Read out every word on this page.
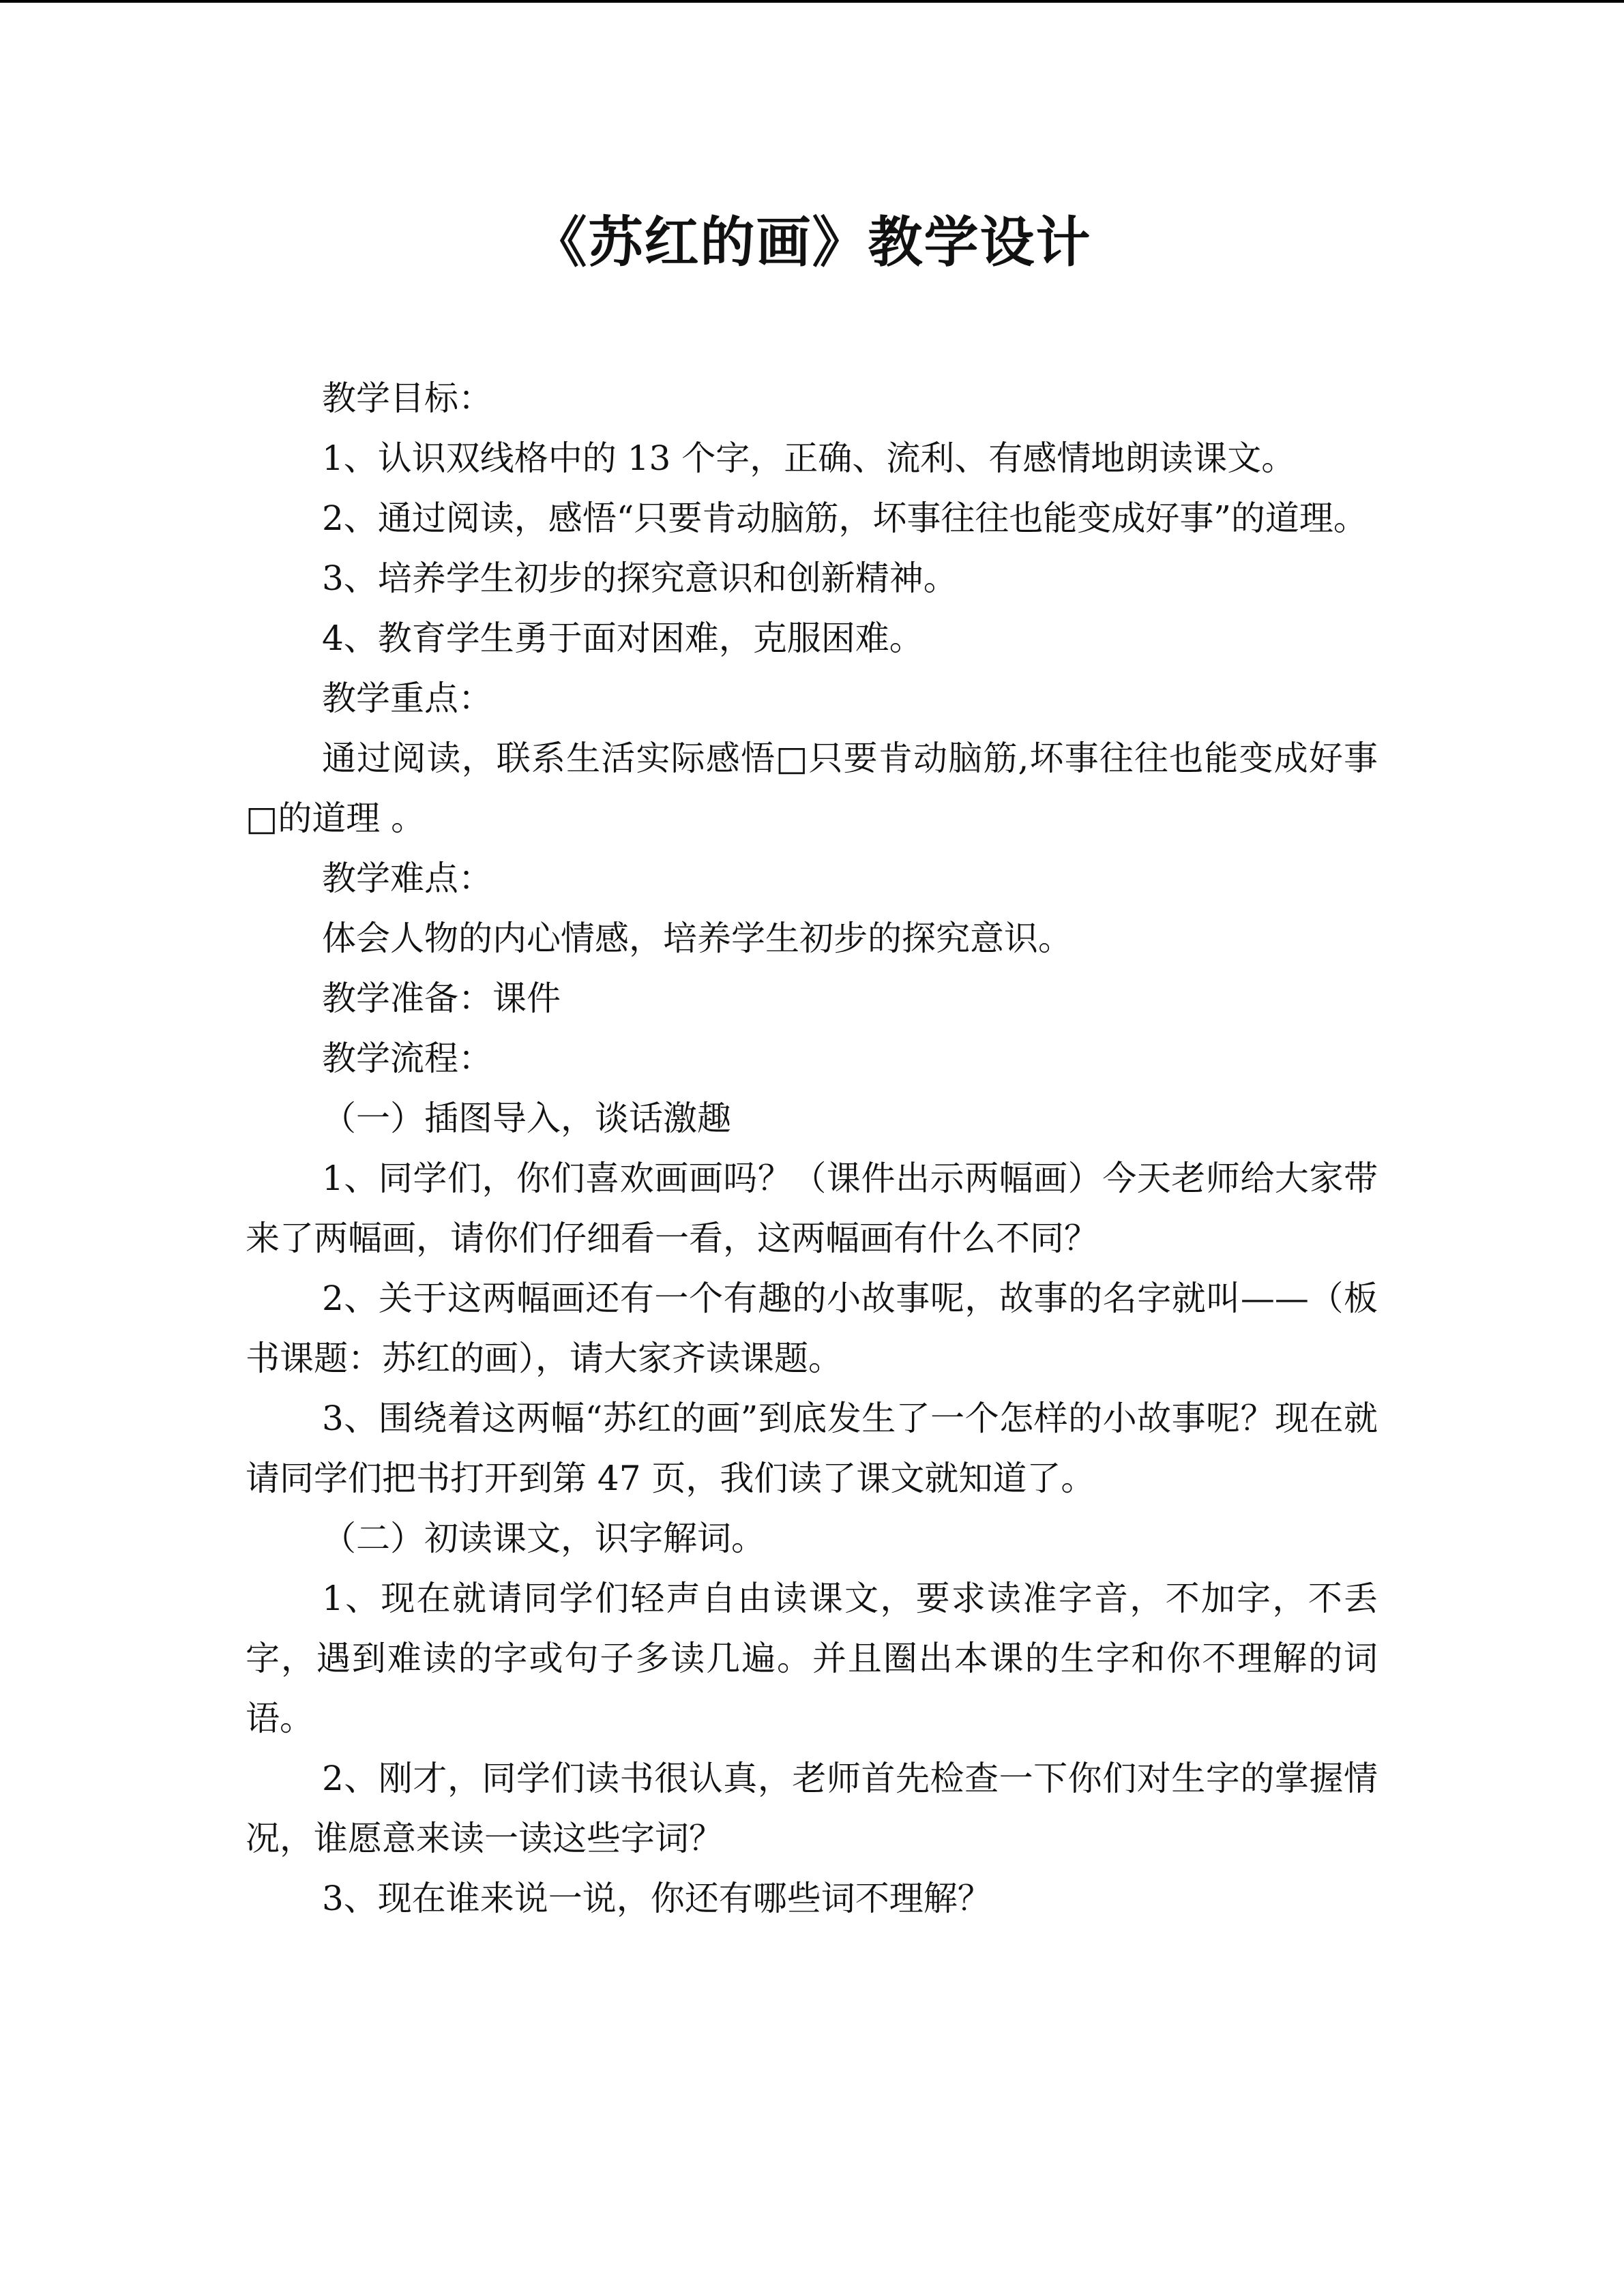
《苏红的画》教学设计

教学目标：

1、认识双线格中的 13 个字，正确、流利、有感情地朗读课文。

2、通过阅读，感悟“只要肯动脑筋，坏事往往也能变成好事”的道理。

3、培养学生初步的探究意识和创新精神。

4、教育学生勇于面对困难，克服困难。

教学重点：

通过阅读，联系生活实际感悟□只要肯动脑筋,坏事往往也能变成好事□的道理 。

教学难点：

体会人物的内心情感，培养学生初步的探究意识。

教学准备：课件

教学流程：

（一）插图导入，谈话激趣

1、同学们，你们喜欢画画吗？（课件出示两幅画）今天老师给大家带来了两幅画，请你们仔细看一看，这两幅画有什么不同？

2、关于这两幅画还有一个有趣的小故事呢，故事的名字就叫——（板书课题：苏红的画），请大家齐读课题。

3、围绕着这两幅“苏红的画”到底发生了一个怎样的小故事呢？现在就请同学们把书打开到第 47 页，我们读了课文就知道了。

（二）初读课文，识字解词。

1、现在就请同学们轻声自由读课文，要求读准字音，不加字，不丢字，遇到难读的字或句子多读几遍。并且圈出本课的生字和你不理解的词语。

2、刚才，同学们读书很认真，老师首先检查一下你们对生字的掌握情况，谁愿意来读一读这些字词？

3、现在谁来说一说，你还有哪些词不理解？
